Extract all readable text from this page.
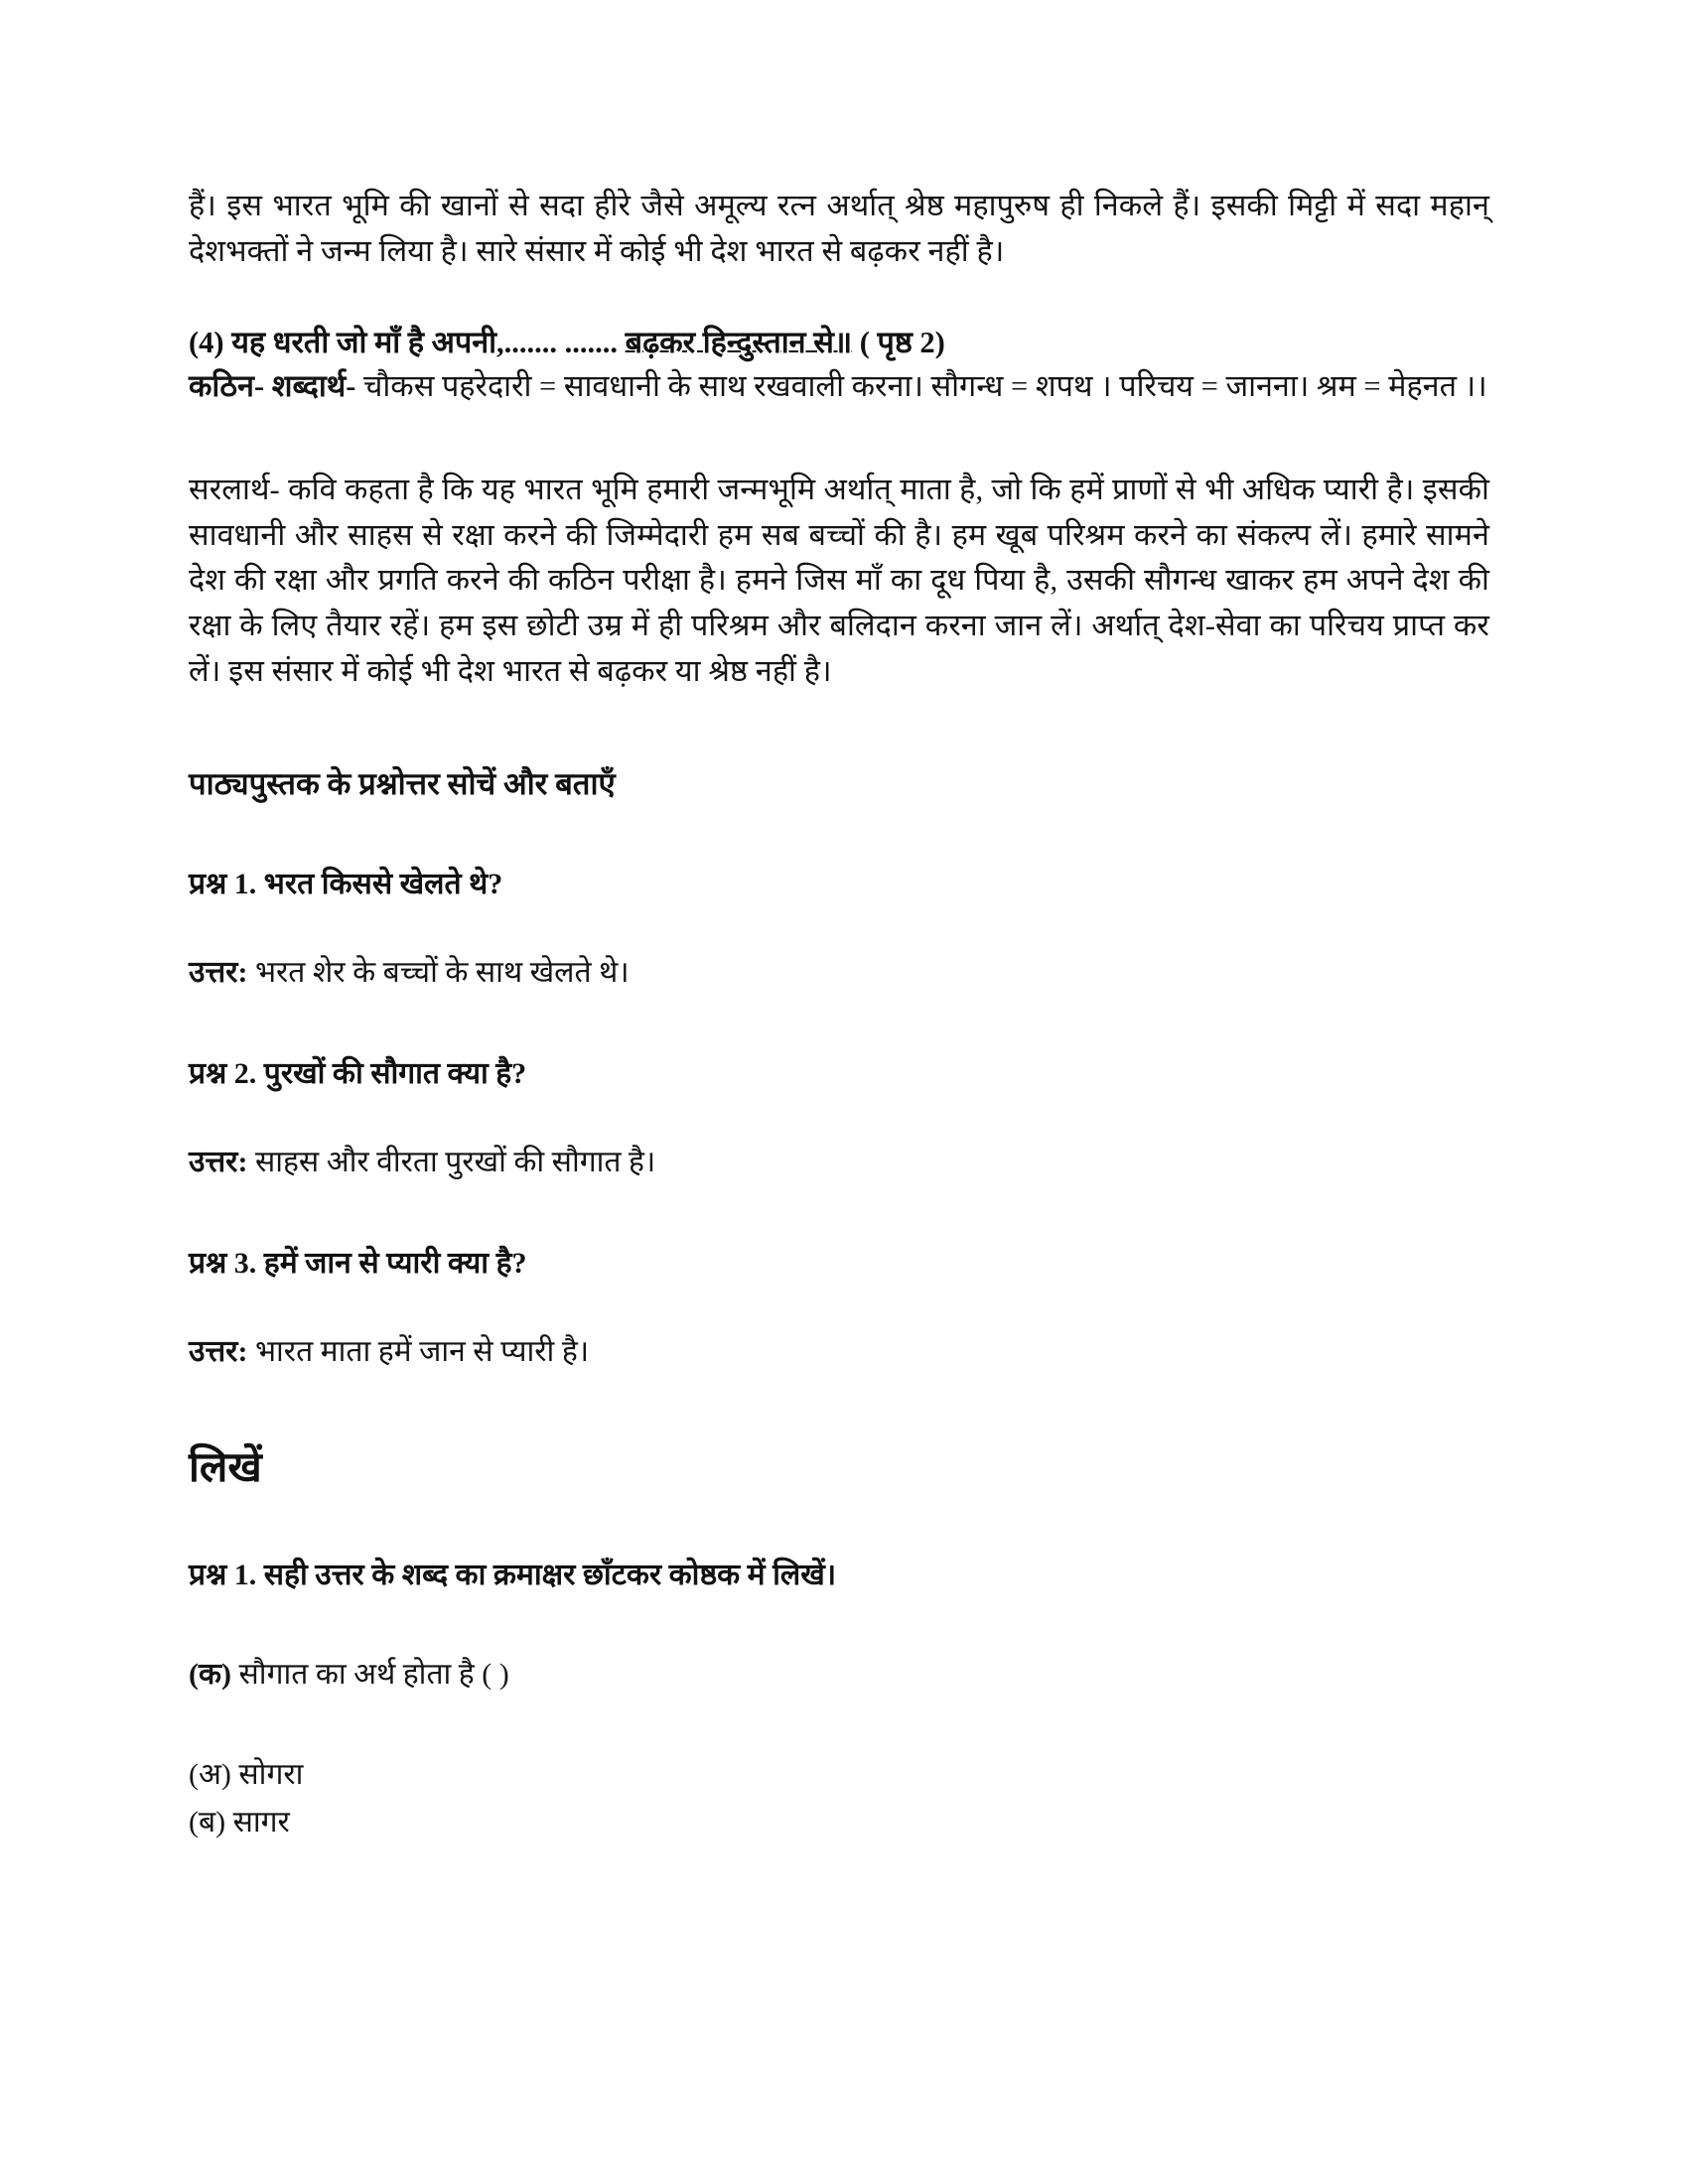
हैं। इस भारत भूमि की खानों से सदा हीरे जैसे अमूल्य रत्न अर्थात् श्रेष्ठ महापुरुष ही निकले हैं। इसकी मिट्टी में सदा महान् देशभक्तों ने जन्म लिया है। सारे संसार में कोई भी देश भारत से बढ़कर नहीं है।

(4) यह धरती जो माँ है अपनी,....... ....... बढ़कर हिन्दुस्तान से॥ ( पृष्ठ 2)

कठिन- शब्दार्थ- चौकस पहरेदारी = सावधानी के साथ रखवाली करना। सौगन्ध = शपथ । परिचय = जानना। श्रम = मेहनत ।।

सरलार्थ- कवि कहता है कि यह भारत भूमि हमारी जन्मभूमि अर्थात् माता है, जो कि हमें प्राणों से भी अधिक प्यारी है। इसकी सावधानी और साहस से रक्षा करने की जिम्मेदारी हम सब बच्चों की है। हम खूब परिश्रम करने का संकल्प लें। हमारे सामने देश की रक्षा और प्रगति करने की कठिन परीक्षा है। हमने जिस माँ का दूध पिया है, उसकी सौगन्ध खाकर हम अपने देश की रक्षा के लिए तैयार रहें। हम इस छोटी उम्र में ही परिश्रम और बलिदान करना जान लें। अर्थात् देश-सेवा का परिचय प्राप्त कर लें। इस संसार में कोई भी देश भारत से बढ़कर या श्रेष्ठ नहीं है।

पाठ्यपुस्तक के प्रश्नोत्तर सोचें और बताएँ

प्रश्न 1. भरत किससे खेलते थे?

उत्तर: भरत शेर के बच्चों के साथ खेलते थे।

प्रश्न 2. पुरखों की सौगात क्या है?

उत्तर: साहस और वीरता पुरखों की सौगात है।

प्रश्न 3. हमें जान से प्यारी क्या है?

उत्तर: भारत माता हमें जान से प्यारी है।

लिखें

प्रश्न 1. सही उत्तर के शब्द का क्रमाक्षर छाँटकर कोष्ठक में लिखें।

(क) सौगात का अर्थ होता है ( )

(अ) सोगरा

(ब) सागर
